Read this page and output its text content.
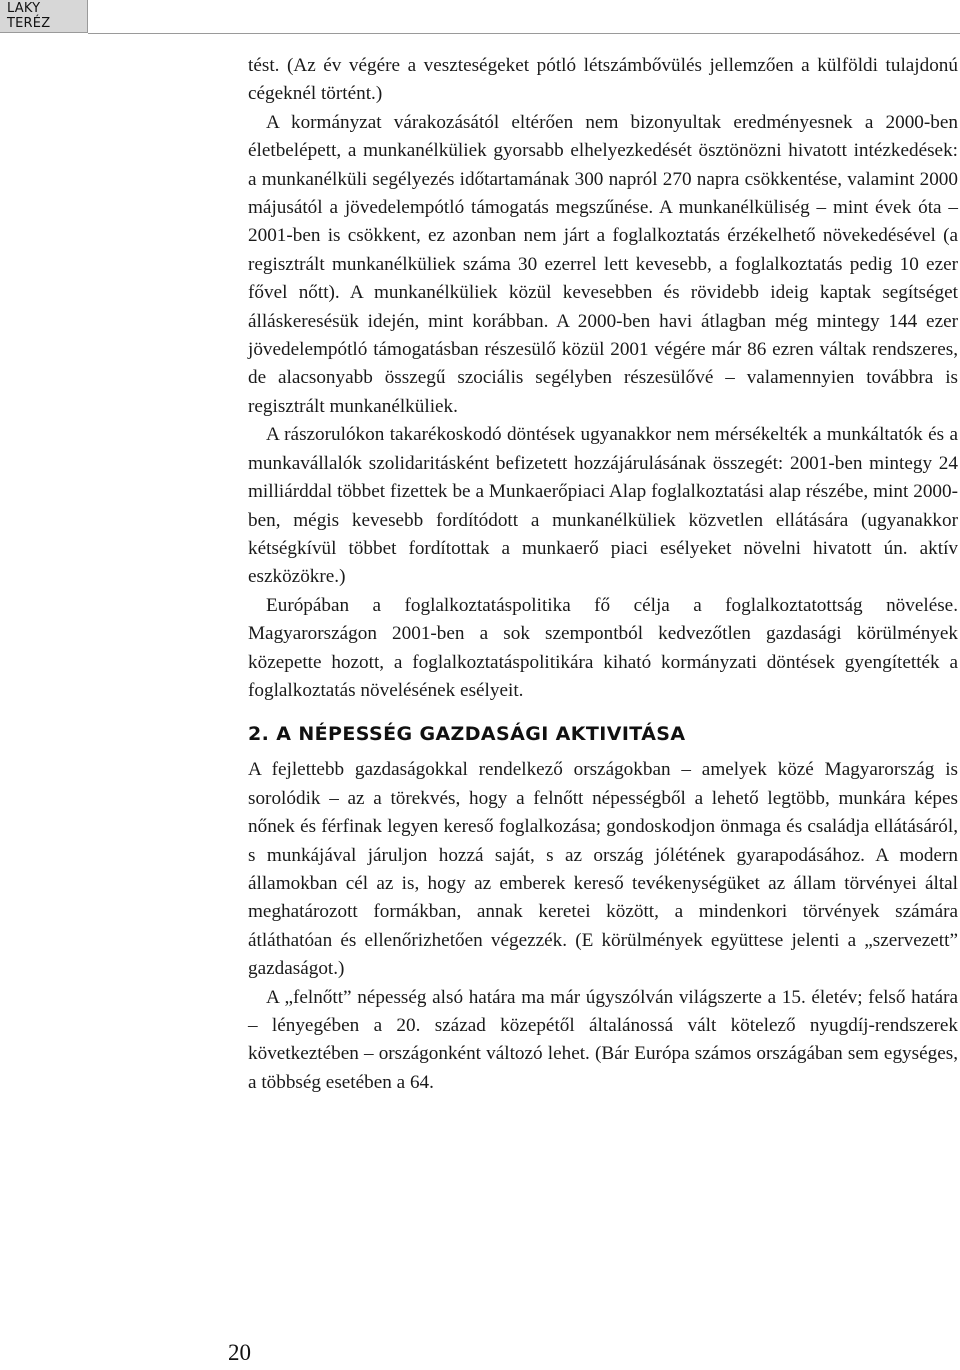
LAKY TERÉZ

tést. (Az év végére a veszteségeket pótló létszámbővülés jellemzően a külföldi tulajdonú cégeknél történt.)

A kormányzat várakozásától eltérően nem bizonyultak eredményesnek a 2000-ben életbelépett, a munkanélküliek gyorsabb elhelyezkedését ösztönözni hivatott intézkedések: a munkanélküli segélyezés időtartamának 300 napról 270 napra csökkentése, valamint 2000 májusától a jövedelempótló támogatás megszűnése. A munkanélküliség – mint évek óta – 2001-ben is csökkent, ez azonban nem járt a foglalkoztatás érzékelhető növekedésével (a regisztrált munkanélküliek száma 30 ezerrel lett kevesebb, a foglalkoztatás pedig 10 ezer fővel nőtt). A munkanélküliek közül kevesebben és rövidebb ideig kaptak segítséget álláskeresésük idején, mint korábban. A 2000-ben havi átlagban még mintegy 144 ezer jövedelempótló támogatásban részesülő közül 2001 végére már 86 ezren váltak rendszeres, de alacsonyabb összegű szociális segélyben részesülővé – valamennyien továbbra is regisztrált munkanélküliek.

A rászorulókon takarékoskodó döntések ugyanakkor nem mérsékelték a munkáltatók és a munkavállalók szolidaritásként befizetett hozzájárulásának összegét: 2001-ben mintegy 24 milliárddal többet fizettek be a Munkaerőpiaci Alap foglalkoztatási alap részébe, mint 2000-ben, mégis kevesebb fordítódott a munkanélküliek közvetlen ellátására (ugyanakkor kétségkívül többet fordítottak a munkaerő piaci esélyeket növelni hivatott ún. aktív eszközökre.)

Európában a foglalkoztatáspolitika fő célja a foglalkoztatottság növelése. Magyarországon 2001-ben a sok szempontból kedvezőtlen gazdasági körülmények közepette hozott, a foglalkoztatáspolitikára kiható kormányzati döntések gyengítették a foglalkoztatás növelésének esélyeit.

2. A NÉPESSÉG GAZDASÁGI AKTIVITÁSA

A fejlettebb gazdaságokkal rendelkező országokban – amelyek közé Magyarország is sorolódik – az a törekvés, hogy a felnőtt népességből a lehető legtöbb, munkára képes nőnek és férfinak legyen kereső foglalkozása; gondoskodjon önmaga és családja ellátásáról, s munkájával járuljon hozzá saját, s az ország jólétének gyarapodásához. A modern államokban cél az is, hogy az emberek kereső tevékenységüket az állam törvényei által meghatározott formákban, annak keretei között, a mindenkori törvények számára átláthatóan és ellenőrizhetően végezzék. (E körülmények együttese jelenti a „szervezett” gazdaságot.)

A „felnőtt” népesség alsó határa ma már úgyszólván világszerte a 15. életév; felső határa – lényegében a 20. század közepétől általánossá vált kötelező nyugdíj-rendszerek következtében – országonként változó lehet. (Bár Európa számos országában sem egységes, a többség esetében a 64.

20
